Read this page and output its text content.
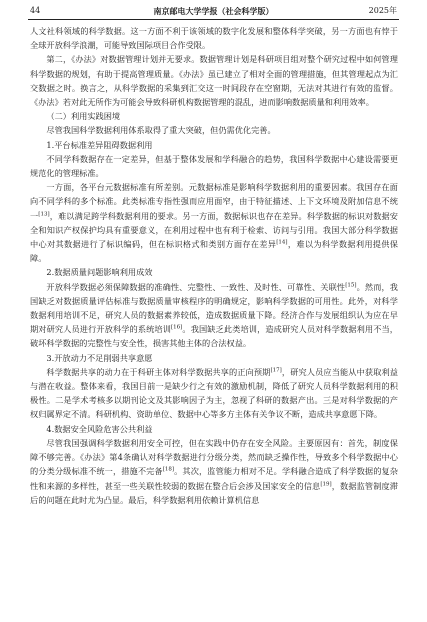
44	南京邮电大学学报（社会科学版）	2025年

人文社科领域的科学数据。这一方面不利于该领域的数字化发展和整体科学突破，另一方面也有悖于全球开放科学浪潮，可能导致国际项目合作受限。

第二，《办法》对数据管理计划并无要求。数据管理计划是科研项目组对整个研究过程中如何管理科学数据的规划，有助于提高管理质量。《办法》虽已建立了相对全面的管理措施，但其管理起点为汇交数据之时。换言之，从科学数据的采集到汇交这一时间段存在空窗期，无法对其进行有效的监督。《办法》若对此无所作为可能会导致科研机构数据管理的混乱，进而影响数据质量和利用效率。

（二）利用实践困境

尽管我国科学数据利用体系取得了重大突破，但仍需优化完善。

1.平台标准差异阻碍数据利用

不同学科数据存在一定差异，但基于整体发展和学科融合的趋势，我国科学数据中心建设需要更规范化的管理标准。

一方面，各平台元数据标准有所差别。元数据标准是影响科学数据利用的重要因素。我国存在面向不同学科的多个标准。此类标准专指性强而应用面窄，由于特征描述、上下文环境及附加信息不统一[13]，难以满足跨学科数据利用的要求。另一方面，数据标识也存在差异。科学数据的标识对数据安全和知识产权保护均具有重要意义，在利用过程中也有利于检索、访问与引用。我国大部分科学数据中心对其数据进行了标识编码，但在标识格式和类别方面存在差异[14]，难以为科学数据利用提供保障。

2.数据质量问题影响利用成效

开放科学数据必须保障数据的准确性、完整性、一致性、及时性、可靠性、关联性[15]。然而，我国缺乏对数据质量评估标准与数据质量审核程序的明确规定，影响科学数据的可用性。此外，对科学数据利用培训不足，研究人员的数据素养较低，造成数据质量下降。经济合作与发展组织认为应在早期对研究人员进行开放科学的系统培训[16]。我国缺乏此类培训，造成研究人员对科学数据利用不当，破坏科学数据的完整性与安全性，损害其他主体的合法权益。

3.开放动力不足削弱共享意愿

科学数据共享的动力在于科研主体对科学数据共享的正向预期[17]，研究人员应当能从中获取利益与潜在收益。整体来看，我国目前一是缺少行之有效的激励机制，降低了研究人员科学数据利用的积极性。二是学术考核多以期刊论文及其影响因子为主，忽视了科研的数据产出。三是对科学数据的产权归属界定不清。科研机构、资助单位、数据中心等多方主体有关争议不断，造成共享意愿下降。

4.数据安全风险危害公共利益

尽管我国强调科学数据利用安全可控，但在实践中仍存在安全风险。主要原因有：首先，制度保障不够完善。《办法》第4条确认对科学数据进行分级分类，然而缺乏操作性，导致多个科学数据中心的分类分级标准不统一，措施不完备[18]。其次，监管能力相对不足。学科融合造成了科学数据的复杂性和来源的多样性，甚至一些关联性较弱的数据在整合后会涉及国家安全的信息[19]，数据监管制度滞后的问题在此时尤为凸显。最后，科学数据利用依赖计算机信息
